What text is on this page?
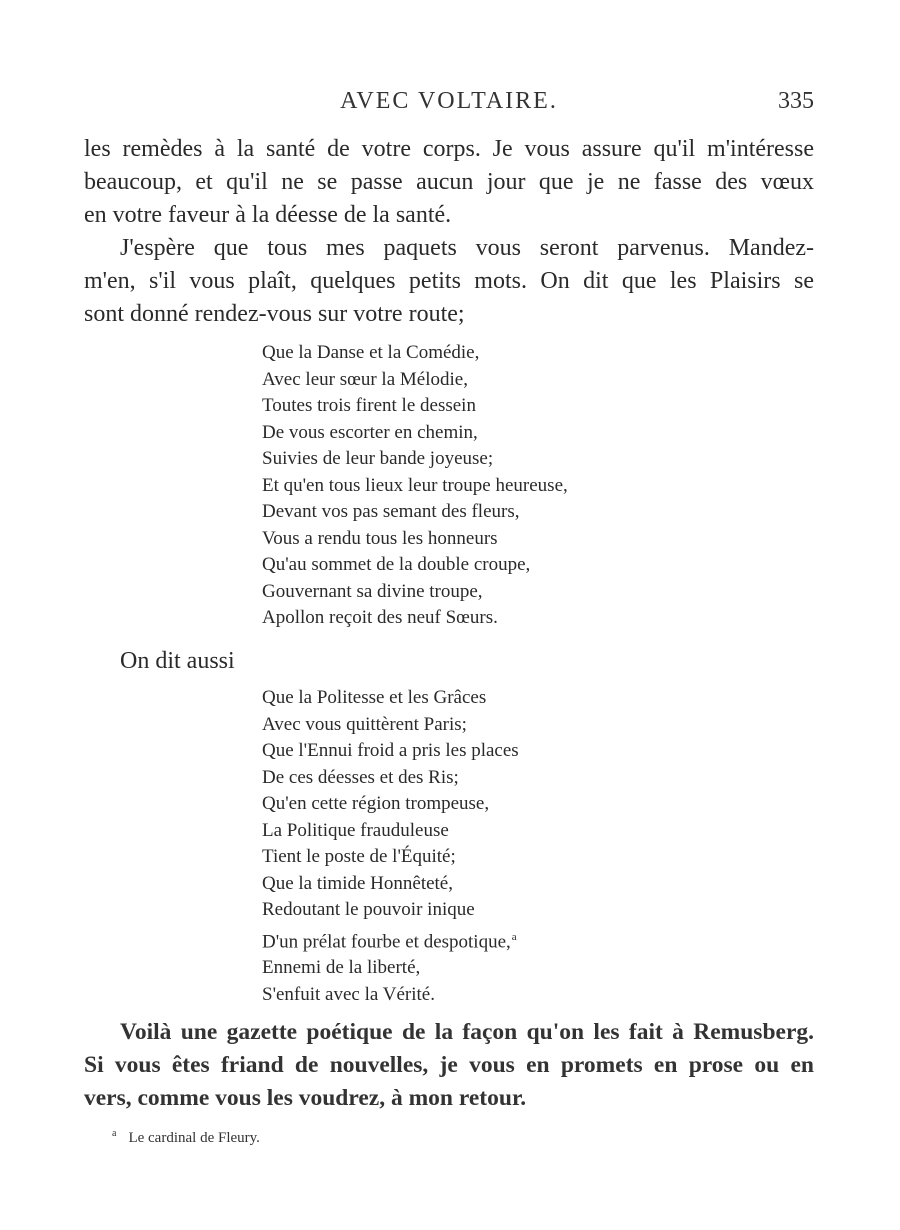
AVEC VOLTAIRE.	335
les remèdes à la santé de votre corps. Je vous assure qu'il m'intéresse
beaucoup, et qu'il ne se passe aucun jour que je ne fasse des vœux
en votre faveur à la déesse de la santé.
J'espère que tous mes paquets vous seront parvenus. Mandez-
m'en, s'il vous plaît, quelques petits mots. On dit que les Plaisirs se
sont donné rendez-vous sur votre route;
Que la Danse et la Comédie,
Avec leur sœur la Mélodie,
Toutes trois firent le dessein
De vous escorter en chemin,
Suivies de leur bande joyeuse;
Et qu'en tous lieux leur troupe heureuse,
Devant vos pas semant des fleurs,
Vous a rendu tous les honneurs
Qu'au sommet de la double croupe,
Gouvernant sa divine troupe,
Apollon reçoit des neuf Sœurs.
On dit aussi
Que la Politesse et les Grâces
Avec vous quittèrent Paris;
Que l'Ennui froid a pris les places
De ces déesses et des Ris;
Qu'en cette région trompeuse,
La Politique frauduleuse
Tient le poste de l'Équité;
Que la timide Honnêteté,
Redoutant le pouvoir inique
D'un prélat fourbe et despotique,$^a$
Ennemi de la liberté,
S'enfuit avec la Vérité.
Voilà une gazette poétique de la façon qu'on les fait à Remusberg.
Si vous êtes friand de nouvelles, je vous en promets en prose ou en
vers, comme vous les voudrez, à mon retour.
$^a$ Le cardinal de Fleury.
